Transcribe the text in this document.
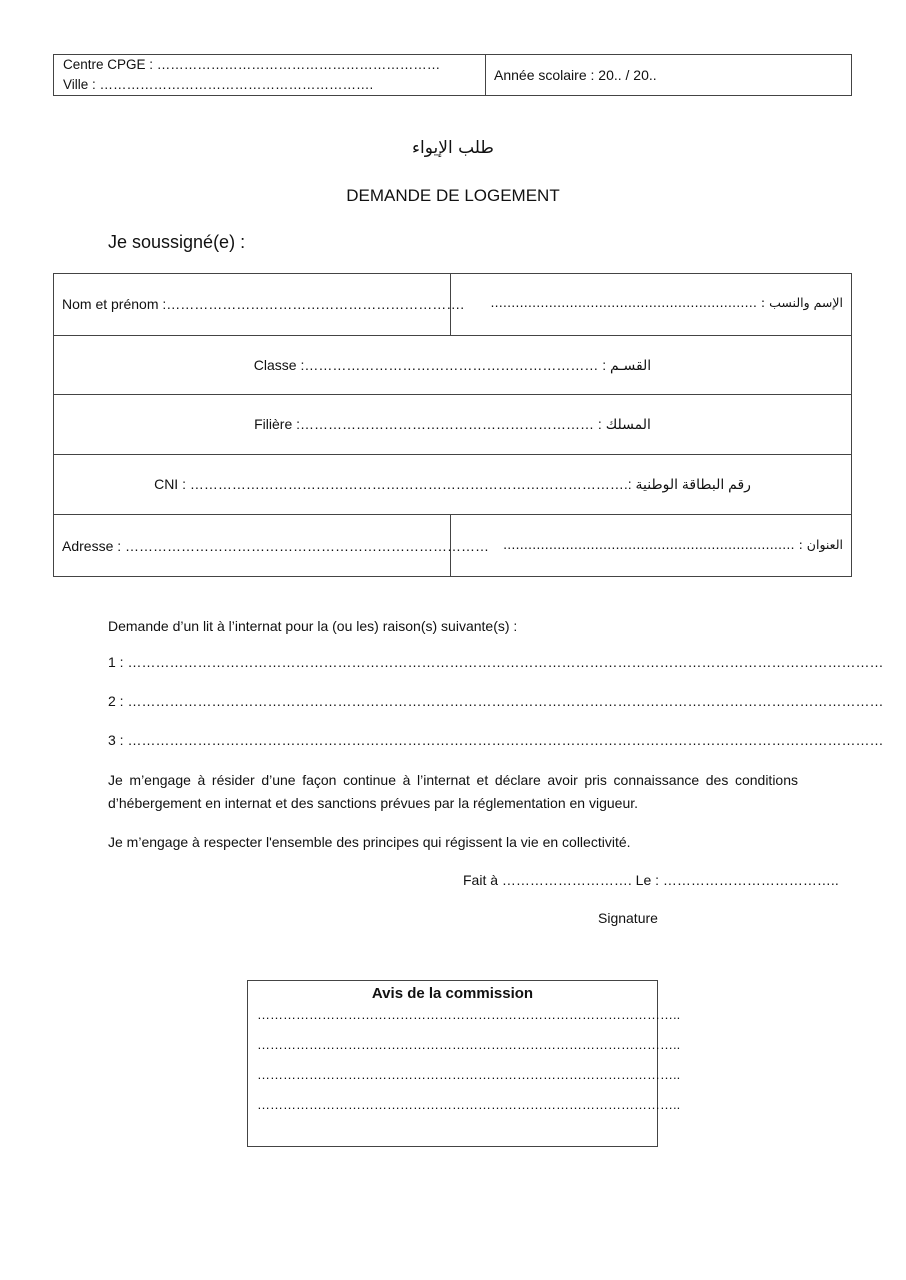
Centre CPGE : ………………………………………………………
Ville : …………………………………………………….
Année scolaire : 20.. / 20..
طلب الإيواء
DEMANDE DE LOGEMENT
Je soussigné(e) :
Nom et prénom :………………………………………………………. الإسم والنسب : ……………………………………………………….
Classe :……………………………………………………… : القسـم
Filière :……………………………………………………… : المسلك
CNI : ………………………………………………………………………………….: رقم البطاقة الوطنية
Adresse : …………………………………………………………………… العنوان : …………………………………………………………….
Demande d’un lit à l’internat pour la (ou les) raison(s) suivante(s) :
1 : ………………………………………………………………………………………………………………………………………………
2 : ………………………………………………………………………………………………………………………………………………
3 : ………………………………………………………………………………………………………………………………………………
Je m’engage à résider d’une façon continue à l’internat et déclare avoir pris connaissance des conditions d’hébergement en internat et des sanctions prévues par la réglementation en vigueur.
Je m’engage à respecter l'ensemble des principes qui régissent la vie en collectivité.
Fait à ………………………. Le : ………………………………..
Signature
Avis de la commission
……………………………………………………………………………………..
……………………………………………………………………………………..
……………………………………………………………………………………..
……………………………………………………………………………………..
